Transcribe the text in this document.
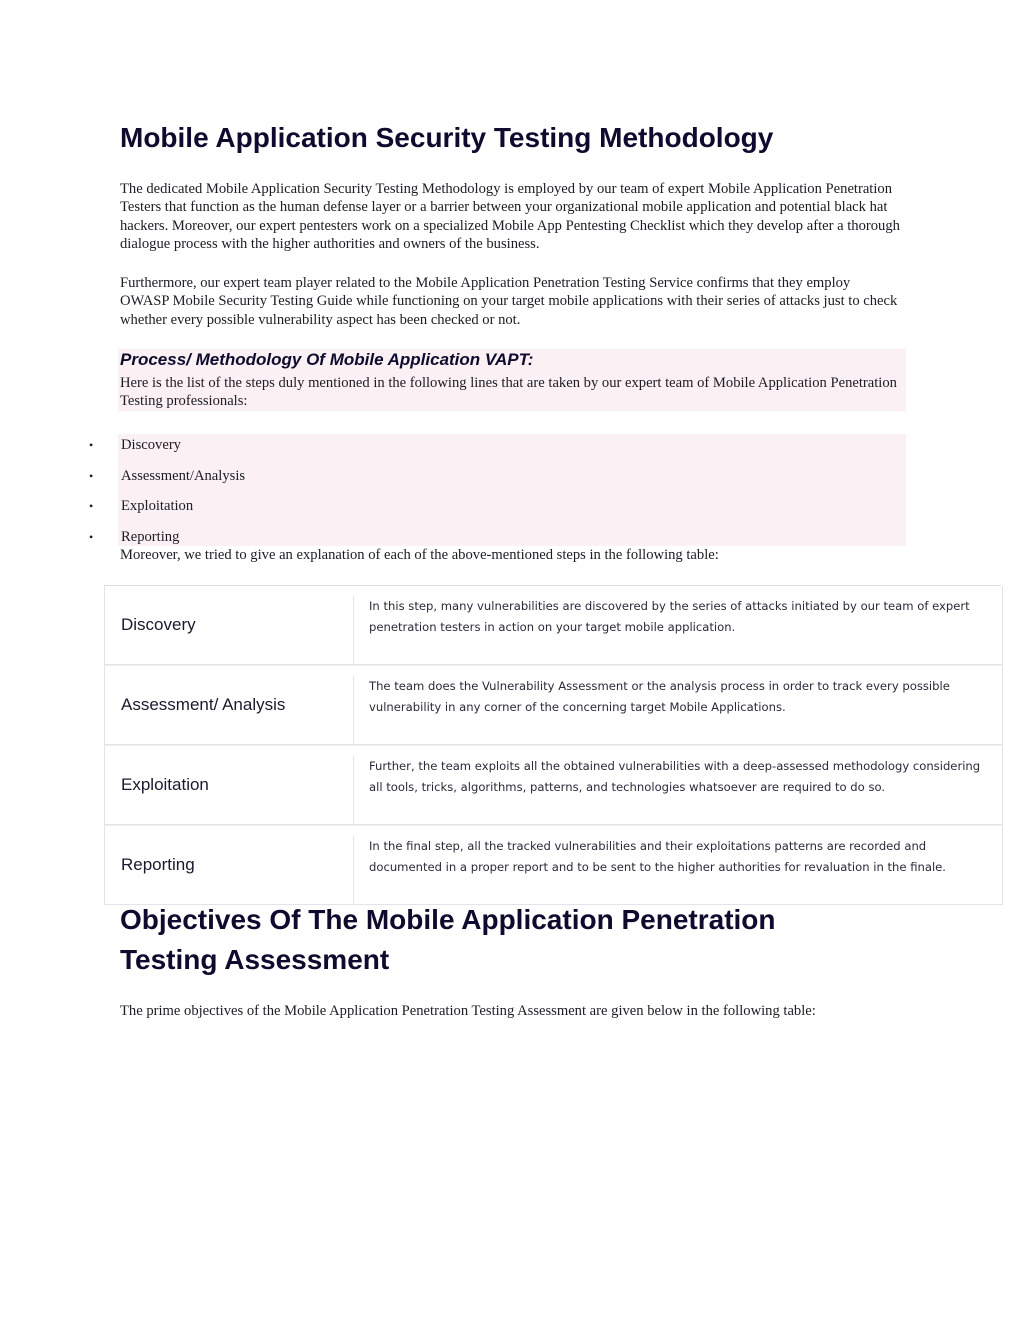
Mobile Application Security Testing Methodology

The dedicated Mobile Application Security Testing Methodology is employed by our team of expert Mobile Application Penetration Testers that function as the human defense layer or a barrier between your organizational mobile application and potential black hat hackers. Moreover, our expert pentesters work on a specialized Mobile App Pentesting Checklist which they develop after a thorough dialogue process with the higher authorities and owners of the business.

Furthermore, our expert team player related to the Mobile Application Penetration Testing Service confirms that they employ OWASP Mobile Security Testing Guide while functioning on your target mobile applications with their series of attacks just to check whether every possible vulnerability aspect has been checked or not.

Process/ Methodology Of Mobile Application VAPT:

Here is the list of the steps duly mentioned in the following lines that are taken by our expert team of Mobile Application Penetration Testing professionals:

• Discovery
• Assessment/Analysis
• Exploitation
• Reporting

Moreover, we tried to give an explanation of each of the above-mentioned steps in the following table:

Discovery

In this step, many vulnerabilities are discovered by the series of attacks initiated by our team of expert penetration testers in action on your target mobile application.

Assessment/ Analysis

The team does the Vulnerability Assessment or the analysis process in order to track every possible vulnerability in any corner of the concerning target Mobile Applications.

Exploitation

Further, the team exploits all the obtained vulnerabilities with a deep-assessed methodology considering all tools, tricks, algorithms, patterns, and technologies whatsoever are required to do so.

Reporting

In the final step, all the tracked vulnerabilities and their exploitations patterns are recorded and documented in a proper report and to be sent to the higher authorities for revaluation in the finale.

Objectives Of The Mobile Application Penetration Testing Assessment

The prime objectives of the Mobile Application Penetration Testing Assessment are given below in the following table:
